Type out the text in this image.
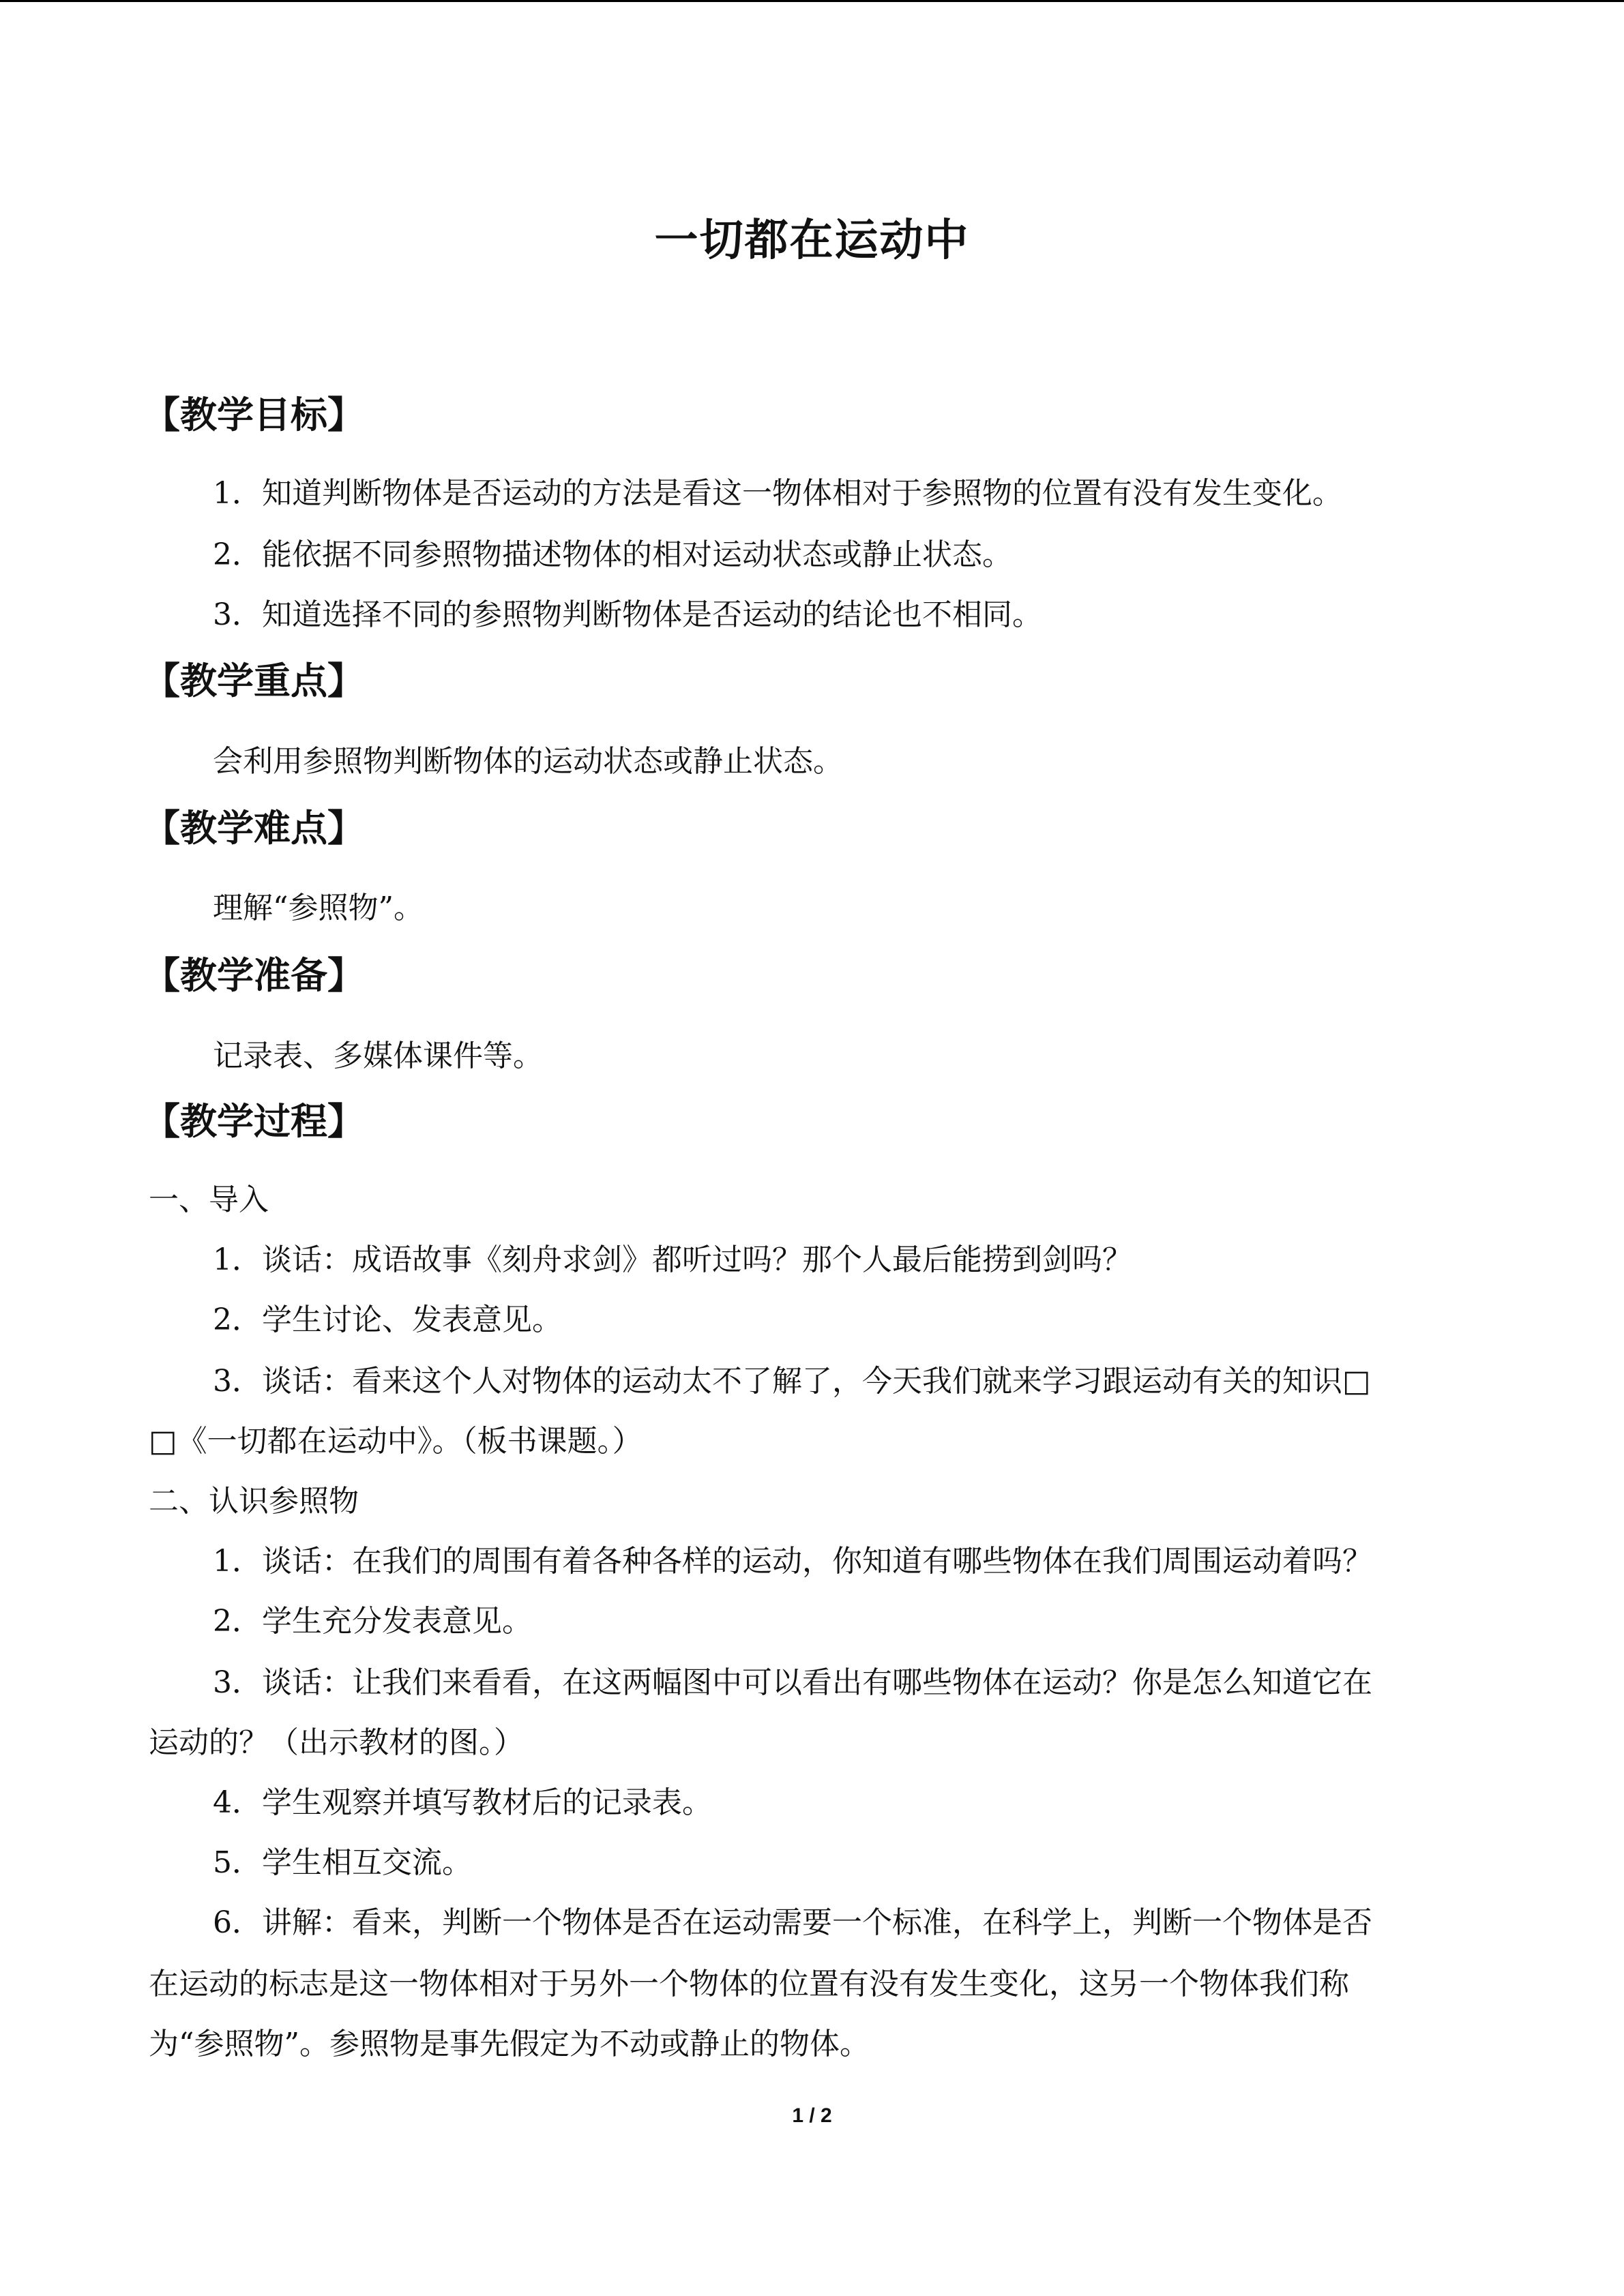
一切都在运动中
【教学目标】
1．知道判断物体是否运动的方法是看这一物体相对于参照物的位置有没有发生变化。
2．能依据不同参照物描述物体的相对运动状态或静止状态。
3．知道选择不同的参照物判断物体是否运动的结论也不相同。
【教学重点】
会利用参照物判断物体的运动状态或静止状态。
【教学难点】
理解“参照物”。
【教学准备】
记录表、多媒体课件等。
【教学过程】
一、导入
1．谈话：成语故事《刻舟求剑》都听过吗？那个人最后能捞到剑吗？
2．学生讨论、发表意见。
3．谈话：看来这个人对物体的运动太不了解了，今天我们就来学习跟运动有关的知识□
□《一切都在运动中》。（板书课题。）
二、认识参照物
1．谈话：在我们的周围有着各种各样的运动，你知道有哪些物体在我们周围运动着吗？
2．学生充分发表意见。
3．谈话：让我们来看看，在这两幅图中可以看出有哪些物体在运动？你是怎么知道它在
运动的？（出示教材的图。）
4．学生观察并填写教材后的记录表。
5．学生相互交流。
6．讲解：看来，判断一个物体是否在运动需要一个标准，在科学上，判断一个物体是否
在运动的标志是这一物体相对于另外一个物体的位置有没有发生变化，这另一个物体我们称
为“参照物”。参照物是事先假定为不动或静止的物体。
1 / 2
